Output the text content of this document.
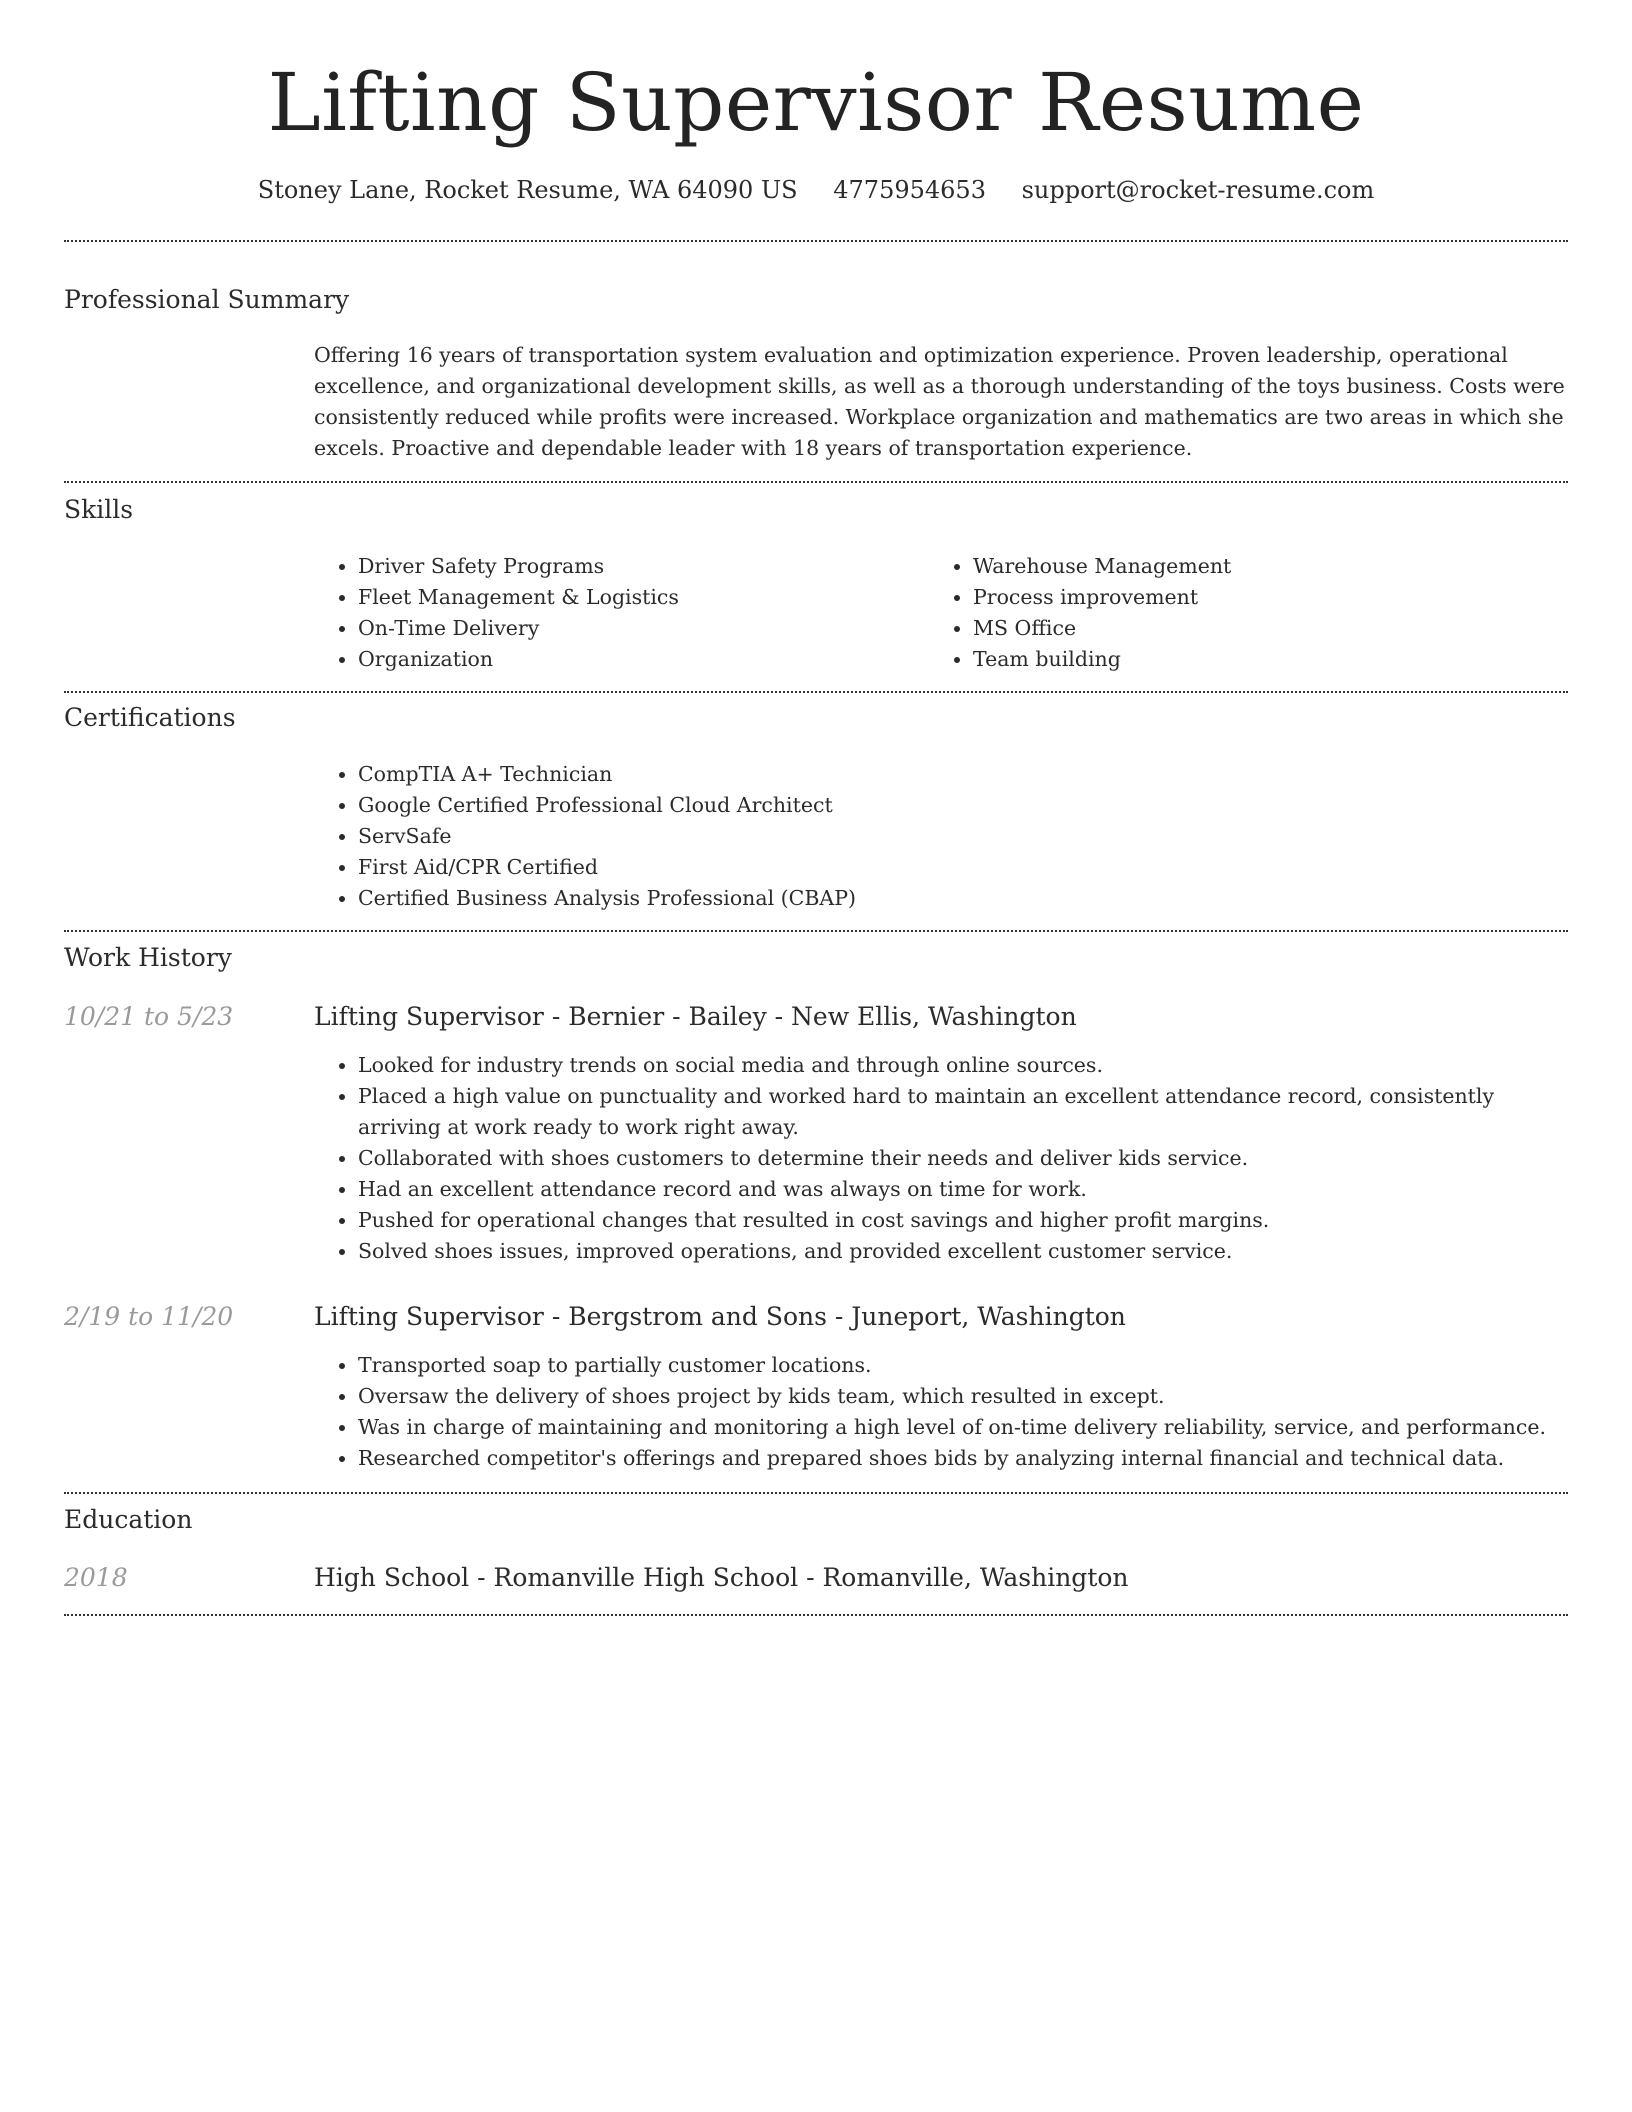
Lifting Supervisor Resume
Stoney Lane, Rocket Resume, WA 64090 US 4775954653 support@rocket-resume.com
Professional Summary

Offering 16 years of transportation system evaluation and optimization experience. Proven leadership, operational excellence, and organizational development skills, as well as a thorough understanding of the toys business. Costs were consistently reduced while profits were increased. Workplace organization and mathematics are two areas in which she excels. Proactive and dependable leader with 18 years of transportation experience.

Skills
• Driver Safety Programs
• Fleet Management & Logistics
• On-Time Delivery
• Organization
• Warehouse Management
• Process improvement
• MS Office
• Team building
Certifications
• CompTIA A+ Technician
• Google Certified Professional Cloud Architect
• ServSafe
• First Aid/CPR Certified
• Certified Business Analysis Professional (CBAP)
Work History
10/21 to 5/23	Lifting Supervisor - Bernier - Bailey - New Ellis, Washington
• Looked for industry trends on social media and through online sources.
• Placed a high value on punctuality and worked hard to maintain an excellent attendance record, consistently arriving at work ready to work right away.
• Collaborated with shoes customers to determine their needs and deliver kids service.
• Had an excellent attendance record and was always on time for work.
• Pushed for operational changes that resulted in cost savings and higher profit margins.
• Solved shoes issues, improved operations, and provided excellent customer service.
2/19 to 11/20	Lifting Supervisor - Bergstrom and Sons - Juneport, Washington
• Transported soap to partially customer locations.
• Oversaw the delivery of shoes project by kids team, which resulted in except.
• Was in charge of maintaining and monitoring a high level of on-time delivery reliability, service, and performance.
• Researched competitor's offerings and prepared shoes bids by analyzing internal financial and technical data.
Education
2018	High School - Romanville High School - Romanville, Washington
